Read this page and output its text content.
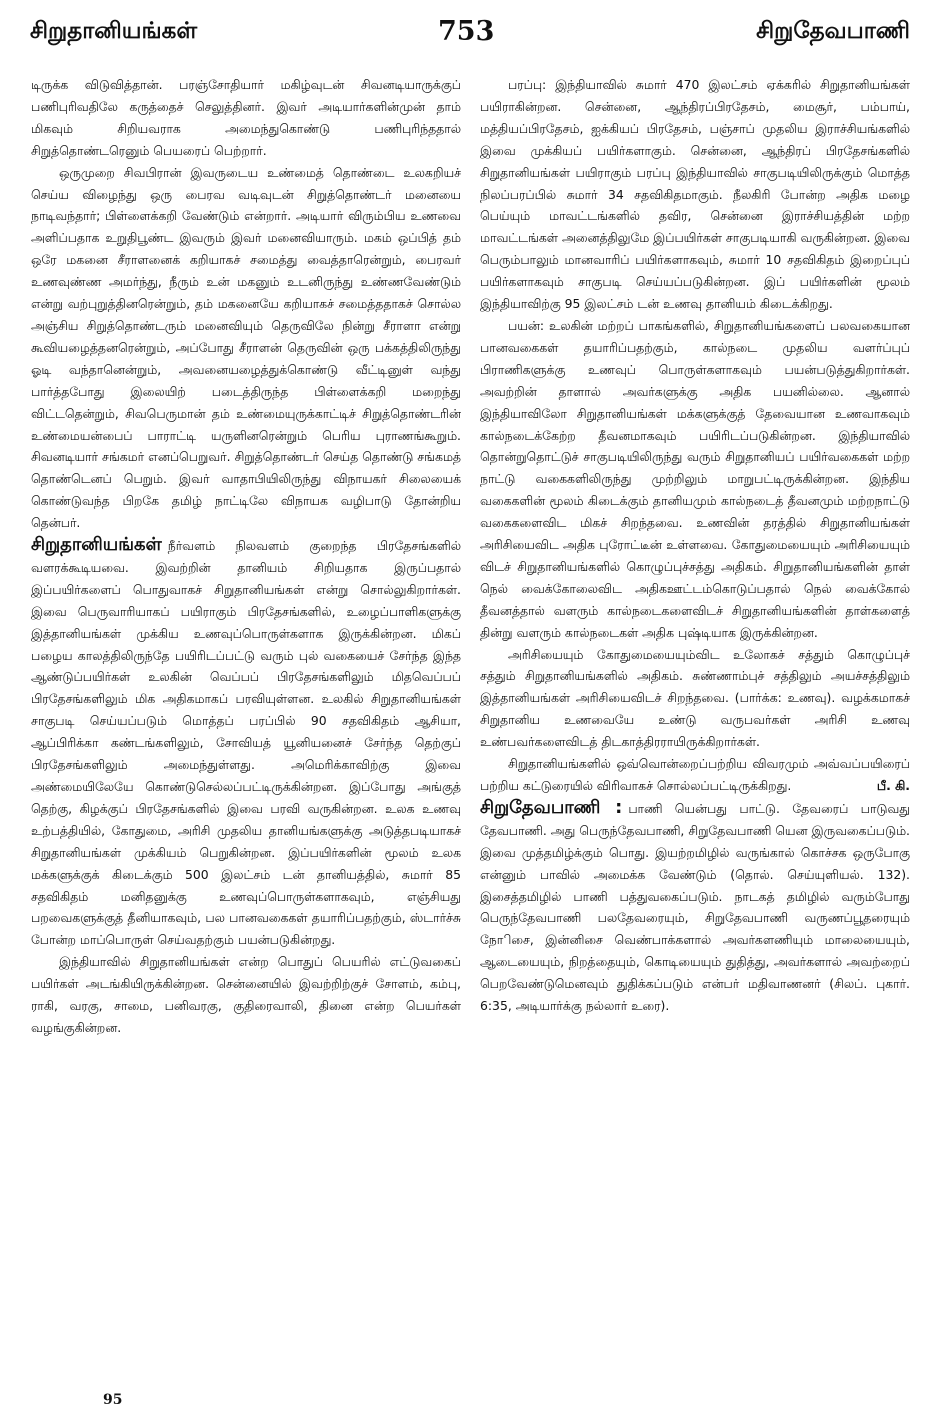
சிறுதானியங்கள்	753	சிறுதேவபாணி

டிருக்க விடுவித்தான். பரஞ்சோதியார் மகிழ்வுடன் சிவனடியாருக்குப் பணிபுரிவதிலே கருத்தைச் செலுத்தினர். இவர் அடியார்களின்முன் தாம் மிகவும் சிறியவராக அமைந்துகொண்டு பணிபுரிந்ததால் சிறுத்தொண்டரெனும் பெயரைப் பெற்றார்.

ஒருமுறை சிவபிரான் இவருடைய உண்மைத் தொண்டை உலகறியச் செய்ய விழைந்து ஒரு பைரவ வடிவுடன் சிறுத்தொண்டர் மனையை நாடிவந்தார்; பிள்ளைக்கறி வேண்டும் என்றார். அடியார் விரும்பிய உணவை அளிப்பதாக உறுதிபூண்ட இவரும் இவர் மனைவியாரும். மகம் ஒப்பித் தம் ஒரே மகனை சீராளனைக் கறியாகச் சமைத்து வைத்தாரென்றும், பைரவர் உணவுண்ண அமர்ந்து, நீரும் உன் மகனும் உடனிருந்து உண்ணவேண்டும் என்று வற்புறுத்தினரென்றும், தம் மகனையே கறியாகச் சமைத்ததாகச் சொல்ல அஞ்சிய சிறுத்தொண்டரும் மனைவியும் தெருவிலே நின்று சீராளா என்று கூவியழைத்தனரென்றும், அப்போது சீராளன் தெருவின் ஒரு பக்கத்திலிருந்து ஓடி வந்தானென்றும், அவனையழைத்துக்கொண்டு வீட்டினுள் வந்து பார்த்தபோது இலையிற் படைத்திருந்த பிள்ளைக்கறி மறைந்து விட்டதென்றும், சிவபெருமான் தம் உண்மையுருக்காட்டிச் சிறுத்தொண்டரின் உண்மையன்பைப் பாராட்டி யருளினரென்றும் பெரிய புராணங்கூறும். சிவனடியார் சங்கமர் எனப்பெறுவர். சிறுத்தொண்டர் செய்த தொண்டு சங்கமத் தொண்டெனப் பெறும். இவர் வாதாபியிலிருந்து விநாயகர் சிலையைக் கொண்டுவந்த பிறகே தமிழ் நாட்டிலே விநாயக வழிபாடு தோன்றிய தென்பர்.

சிறுதானியங்கள் நீர்வளம் நிலவளம் குறைந்த பிரதேசங்களில் வளரக்கூடியவை. இவற்றின் தானியம் சிறியதாக இருப்பதால் இப்பயிர்களைப் பொதுவாகச் சிறுதானியங்கள் என்று சொல்லுகிறார்கள். இவை பெருவாரியாகப் பயிராகும் பிரதேசங்களில், உழைப்பாளிகளுக்கு இத்தானியங்கள் முக்கிய உணவுப்பொருள்களாக இருக்கின்றன. மிகப் பழைய காலத்திலிருந்தே பயிரிடப்பட்டு வரும் புல் வகையைச் சேர்ந்த இந்த ஆண்டுப்பயிர்கள் உலகின் வெப்பப் பிரதேசங்களிலும் மிதவெப்பப் பிரதேசங்களிலும் மிக அதிகமாகப் பரவியுள்ளன. உலகில் சிறுதானியங்கள் சாகுபடி செய்யப்படும் மொத்தப் பரப்பில் 90 சதவிகிதம் ஆசியா, ஆப்பிரிக்கா கண்டங்களிலும், சோவியத் யூனியனைச் சேர்ந்த தெற்குப் பிரதேசங்களிலும் அமைந்துள்ளது. அமெரிக்காவிற்கு இவை அண்மையிலேயே கொண்டுசெல்லப்பட்டிருக்கின்றன. இப்போது அங்குத் தெற்கு, கிழக்குப் பிரதேசங்களில் இவை பரவி வருகின்றன. உலக உணவு உற்பத்தியில், கோதுமை, அரிசி முதலிய தானியங்களுக்கு அடுத்தபடியாகச் சிறுதானியங்கள் முக்கியம் பெறுகின்றன. இப்பயிர்களின் மூலம் உலக மக்களுக்குக் கிடைக்கும் 500 இலட்சம் டன் தானியத்தில், சுமார் 85 சதவிகிதம் மனிதனுக்கு உணவுப்பொருள்களாகவும், எஞ்சியது பறவைகளுக்குத் தீனியாகவும், பல பானவகைகள் தயாரிப்பதற்கும், ஸ்டார்ச்சு போன்ற மாப்பொருள் செய்வதற்கும் பயன்படுகின்றது.

இந்தியாவில் சிறுதானியங்கள் என்ற பொதுப் பெயரில் எட்டுவகைப் பயிர்கள் அடங்கியிருக்கின்றன. சென்னையில் இவற்றிற்குச் சோளம், கம்பு, ராகி, வரகு, சாமை, பனிவரகு, குதிரைவாலி, தினை என்ற பெயர்கள் வழங்குகின்றன.

பரப்பு: இந்தியாவில் சுமார் 470 இலட்சம் ஏக்கரில் சிறுதானியங்கள் பயிராகின்றன. சென்னை, ஆந்திரப்பிரதேசம், மைசூர், பம்பாய், மத்தியப்பிரதேசம், ஐக்கியப் பிரதேசம், பஞ்சாப் முதலிய இராச்சியங்களில் இவை முக்கியப் பயிர்களாகும். சென்னை, ஆந்திரப் பிரதேசங்களில் சிறுதானியங்கள் பயிராகும் பரப்பு இந்தியாவில் சாகுபடியிலிருக்கும் மொத்த நிலப்பரப்பில் சுமார் 34 சதவிகிதமாகும். நீலகிரி போன்ற அதிக மழை பெய்யும் மாவட்டங்களில் தவிர, சென்னை இராச்சியத்தின் மற்ற மாவட்டங்கள் அனைத்திலுமே இப்பயிர்கள் சாகுபடியாகி வருகின்றன. இவை பெரும்பாலும் மானவாரிப் பயிர்களாகவும், சுமார் 10 சதவிகிதம் இறைப்புப் பயிர்களாகவும் சாகுபடி செய்யப்படுகின்றன. இப் பயிர்களின் மூலம் இந்தியாவிற்கு 95 இலட்சம் டன் உணவு தானியம் கிடைக்கிறது.

பயன்: உலகின் மற்றப் பாகங்களில், சிறுதானியங்களைப் பலவகையான பானவகைகள் தயாரிப்பதற்கும், கால்நடை முதலிய வளர்ப்புப் பிராணிகளுக்கு உணவுப் பொருள்களாகவும் பயன்படுத்துகிறார்கள். அவற்றின் தாளால் அவர்களுக்கு அதிக பயனில்லை. ஆனால் இந்தியாவிலோ சிறுதானியங்கள் மக்களுக்குத் தேவையான உணவாகவும் கால்நடைக்கேற்ற தீவனமாகவும் பயிரிடப்படுகின்றன. இந்தியாவில் தொன்றுதொட்டுச் சாகுபடியிலிருந்து வரும் சிறுதானியப் பயிர்வகைகள் மற்ற நாட்டு வகைகளிலிருந்து முற்றிலும் மாறுபட்டிருக்கின்றன. இந்திய வகைகளின் மூலம் கிடைக்கும் தானியமும் கால்நடைத் தீவனமும் மற்றநாட்டு வகைகளைவிட மிகச் சிறந்தவை. உணவின் தரத்தில் சிறுதானியங்கள் அரிசியைவிட அதிக புரோட்டீன் உள்ளவை. கோதுமையையும் அரிசியையும் விடச் சிறுதானியங்களில் கொழுப்புச்சத்து அதிகம். சிறுதானியங்களின் தாள் நெல் வைக்கோலைவிட அதிகஊட்டம்கொடுப்பதால் நெல் வைக்கோல் தீவனத்தால் வளரும் கால்நடைகளைவிடச் சிறுதானியங்களின் தாள்களைத் தின்று வளரும் கால்நடைகள் அதிக புஷ்டியாக இருக்கின்றன.

அரிசியையும் கோதுமையையும்விட உலோகச் சத்தும் கொழுப்புச் சத்தும் சிறுதானியங்களில் அதிகம். சுண்ணாம்புச் சத்திலும் அயச்சத்திலும் இத்தானியங்கள் அரிசியைவிடச் சிறந்தவை. (பார்க்க: உணவு). வழக்கமாகச் சிறுதானிய உணவையே உண்டு வருபவர்கள் அரிசி உணவு உண்பவர்களைவிடத் திடகாத்திரராயிருக்கிறார்கள்.

சிறுதானியங்களில் ஒவ்வொன்றைப்பற்றிய விவரமும் அவ்வப்பயிரைப் பற்றிய கட்டுரையில் விரிவாகச் சொல்லப்பட்டிருக்கிறது.	பீ. கி.

சிறுதேவபாணி : பாணி யென்பது பாட்டு. தேவரைப் பாடுவது தேவபாணி. அது பெருந்தேவபாணி, சிறுதேவபாணி யென இருவகைப்படும். இவை முத்தமிழ்க்கும் பொது. இயற்றமிழில் வருங்கால் கொச்சக ஒருபோகு என்னும் பாவில் அமைக்க வேண்டும் (தொல். செய்யுளியல். 132). இசைத்தமிழில் பாணி பத்துவகைப்படும். நாடகத் தமிழில் வரும்போது பெருந்தேவபாணி பலதேவரையும், சிறுதேவபாணி வருணப்பூதரையும் நோிசை, இன்னிசை வெண்பாக்களால் அவர்களணியும் மாலையையும், ஆடையையும், நிறத்தையும், கொடியையும் துதித்து, அவர்களால் அவற்றைப் பெறவேண்டுமெனவும் துதிக்கப்படும் என்பர் மதிவாணனர் (சிலப். புகார். 6:35, அடியார்க்கு நல்லார் உரை).

95
